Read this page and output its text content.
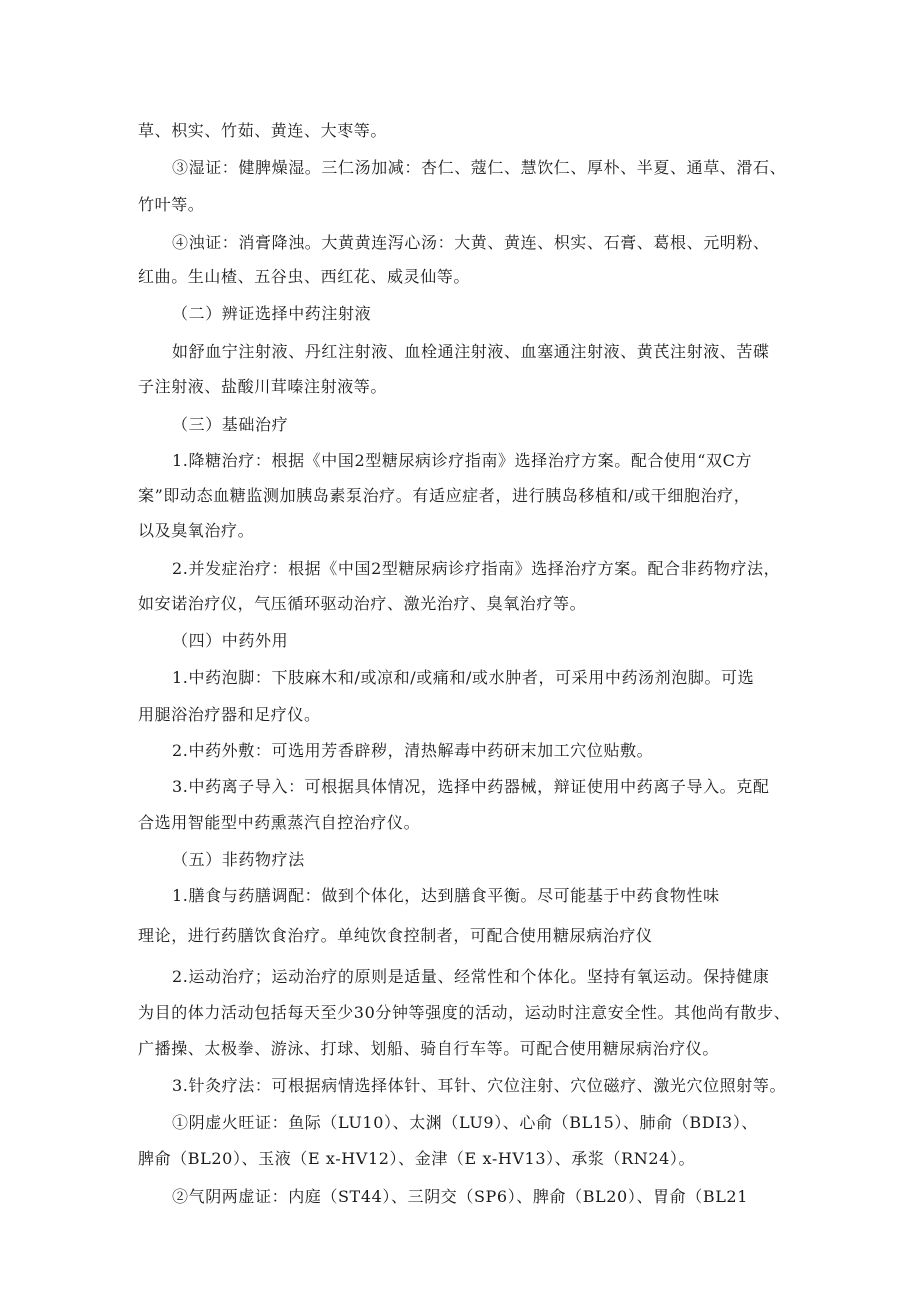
草、枳实、竹茹、黄连、大枣等。
③湿证：健脾燥湿。三仁汤加减：杏仁、蔻仁、慧饮仁、厚朴、半夏、通草、滑石、
竹叶等。
④浊证：消膏降浊。大黄黄连泻心汤：大黄、黄连、枳实、石膏、葛根、元明粉、
红曲。生山楂、五谷虫、西红花、威灵仙等。
（二）辨证选择中药注射液
如舒血宁注射液、丹红注射液、血栓通注射液、血塞通注射液、黄芪注射液、苦碟
子注射液、盐酸川茸嗪注射液等。
（三）基础治疗
1.降糖治疗：根据《中国2型糖尿病诊疗指南》选择治疗方案。配合使用“双C方
案”即动态血糖监测加胰岛素泵治疗。有适应症者，进行胰岛移植和/或干细胞治疗，
以及臭氧治疗。
2.并发症治疗：根据《中国2型糖尿病诊疗指南》选择治疗方案。配合非药物疗法，
如安诺治疗仪，气压循环驱动治疗、激光治疗、臭氧治疗等。
（四）中药外用
1.中药泡脚：下肢麻木和/或凉和/或痛和/或水肿者，可采用中药汤剂泡脚。可选
用腿浴治疗器和足疗仪。
2.中药外敷：可选用芳香辟秽，清热解毒中药研末加工穴位贴敷。
3.中药离子导入：可根据具体情况，选择中药器械，辩证使用中药离子导入。克配
合选用智能型中药熏蒸汽自控治疗仪。
（五）非药物疗法
1.膳食与药膳调配：做到个体化，达到膳食平衡。尽可能基于中药食物性味
理论，进行药膳饮食治疗。单纯饮食控制者，可配合使用糖尿病治疗仪
2.运动治疗；运动治疗的原则是适量、经常性和个体化。坚持有氧运动。保持健康
为目的体力活动包括每天至少30分钟等强度的活动，运动时注意安全性。其他尚有散步、
广播操、太极拳、游泳、打球、划船、骑自行车等。可配合使用糖尿病治疗仪。
3.针灸疗法：可根据病情选择体针、耳针、穴位注射、穴位磁疗、激光穴位照射等。
①阴虚火旺证：鱼际（LU10）、太渊（LU9）、心俞（BL15）、肺俞（BDI3）、
脾俞（BL20）、玉液（E x-HV12）、金津（E x-HV13）、承浆（RN24）。
②气阴两虚证：内庭（ST44）、三阴交（SP6）、脾俞（BL20）、胃俞（BL21
